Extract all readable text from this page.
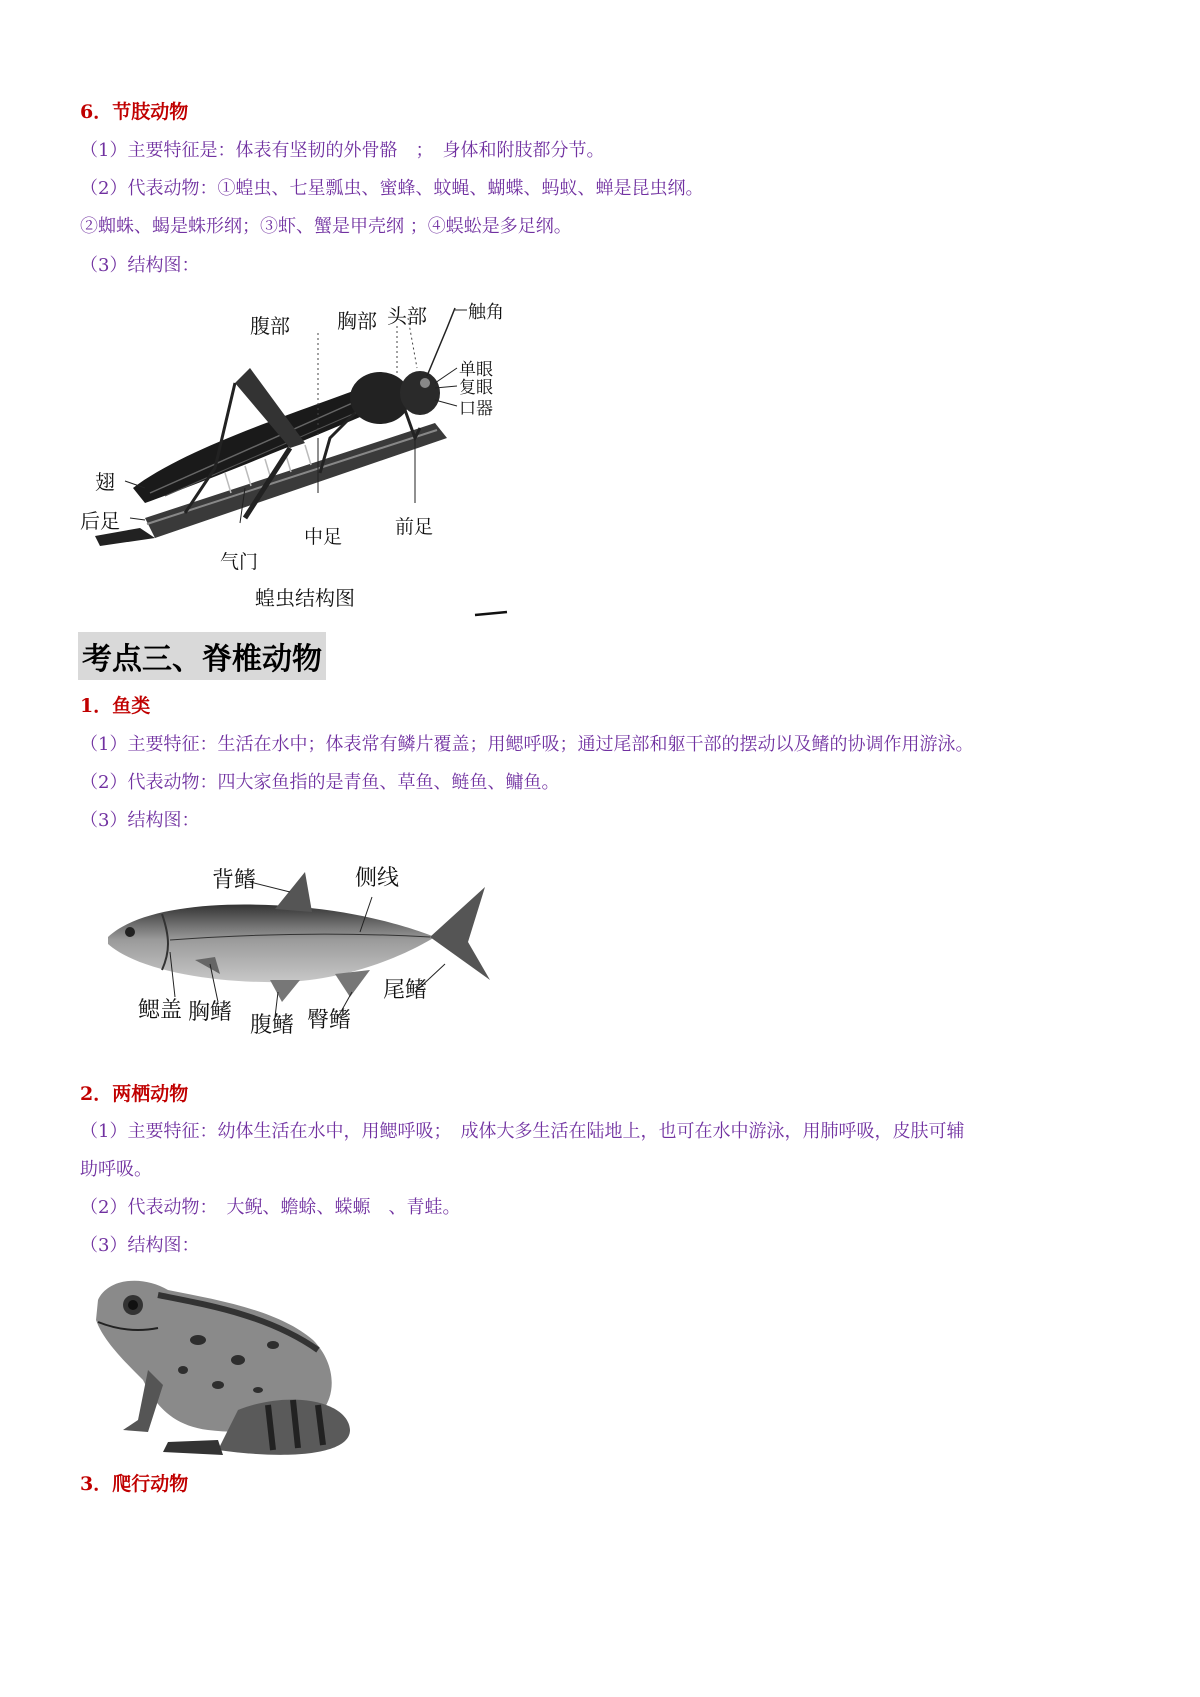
6．节肢动物
（1）主要特征是：体表有坚韧的外骨骼　；　身体和附肢都分节。
（2）代表动物：①蝗虫、七星瓢虫、蜜蜂、蚊蝇、蝴蝶、蚂蚁、蝉是昆虫纲。
②蜘蛛、蝎是蛛形纲；③虾、蟹是甲壳纲 ；④蜈蚣是多足纲。
（3）结构图：
腹部 胸部 头部 触角
单眼
复眼
口器
翅
后足
气门
中足	前足
蝗虫结构图
考点三、脊椎动物
1．鱼类
（1）主要特征：生活在水中；体表常有鳞片覆盖；用鳃呼吸；通过尾部和躯干部的摆动以及鳍的协调作用游泳。
（2）代表动物：四大家鱼指的是青鱼、草鱼、鲢鱼、鳙鱼。
（3）结构图：
背鳍	侧线
鳃盖 胸鳍
腹鳍 臀鳍
尾鳍
2．两栖动物
（1）主要特征：幼体生活在水中，用鳃呼吸；　成体大多生活在陆地上，也可在水中游泳，用肺呼吸，皮肤可辅
助呼吸。
（2）代表动物：　大鲵、蟾蜍、蝾螈　、青蛙。
（3）结构图：
3．爬行动物
